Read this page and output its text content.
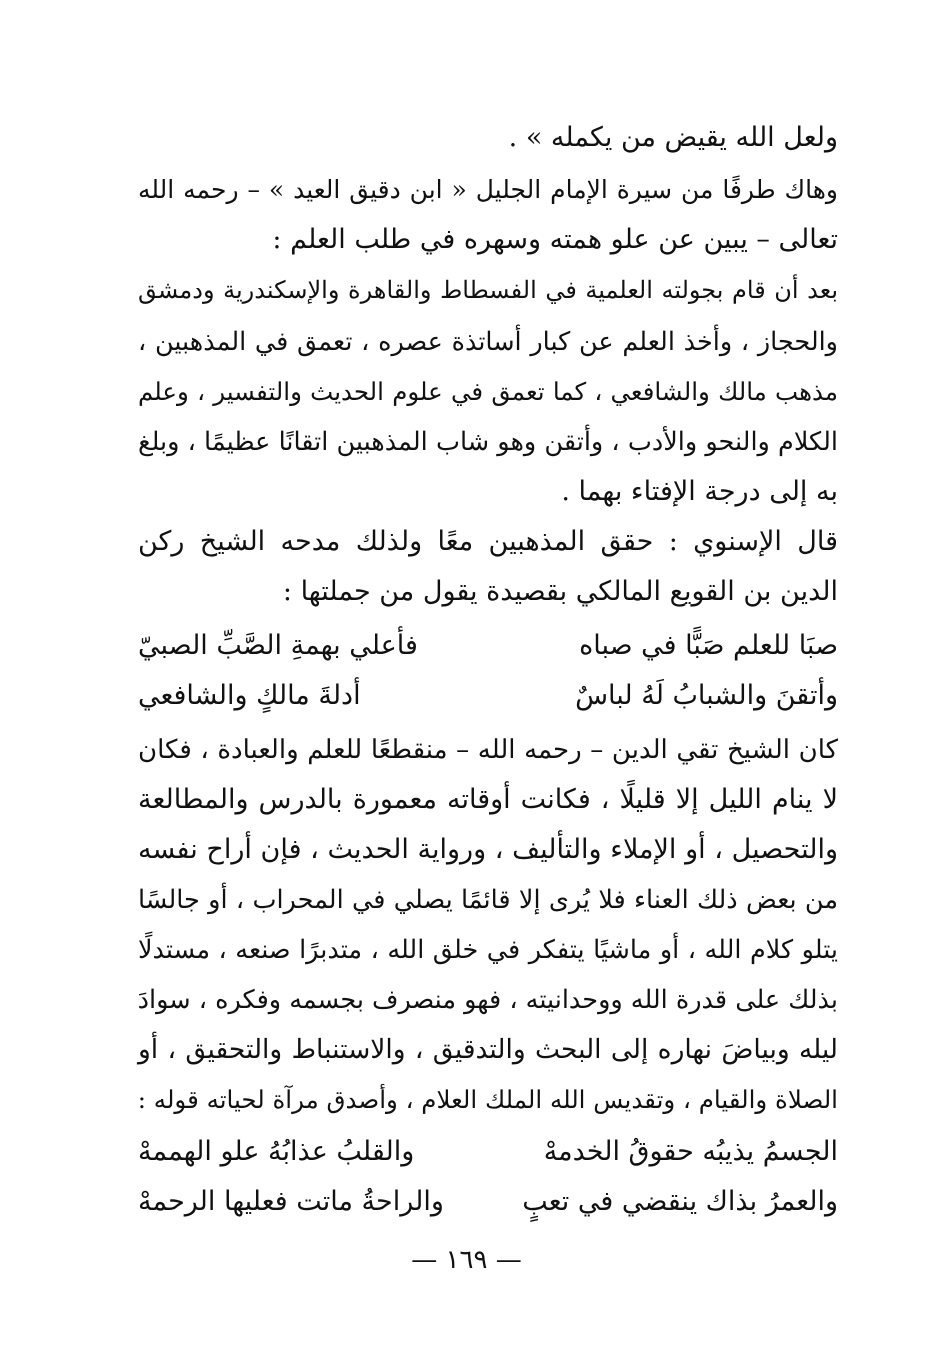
ولعل الله يقيض من يكمله » .
وهاك طرفًا من سيرة الإمام الجليل « ابن دقيق العيد » – رحمه الله
تعالى – يبين عن علو همته وسهره في طلب العلم :
بعد أن قام بجولته العلمية في الفسطاط والقاهرة والإسكندرية ودمشق
والحجاز ، وأخذ العلم عن كبار أساتذة عصره ، تعمق في المذهبين ،
مذهب مالك والشافعي ، كما تعمق في علوم الحديث والتفسير ، وعلم
الكلام والنحو والأدب ، وأتقن وهو شاب المذهبين اتقانًا عظيمًا ، وبلغ
به إلى درجة الإفتاء بهما .
قال الإسنوي : حقق المذهبين معًا ولذلك مدحه الشيخ ركن
الدين بن القويع المالكي بقصيدة يقول من جملتها :
صبَا للعلم صَبًّا في صباه
فأعلي بهمةِ الصَّبِّ الصبيّ
وأتقنَ والشبابُ لَهُ لباسٌ
أدلةَ مالكٍ والشافعي
كان الشيخ تقي الدين – رحمه الله – منقطعًا للعلم والعبادة ، فكان
لا ينام الليل إلا قليلًا ، فكانت أوقاته معمورة بالدرس والمطالعة
والتحصيل ، أو الإملاء والتأليف ، ورواية الحديث ، فإن أراح نفسه
من بعض ذلك العناء فلا يُرى إلا قائمًا يصلي في المحراب ، أو جالسًا
يتلو كلام الله ، أو ماشيًا يتفكر في خلق الله ، متدبرًا صنعه ، مستدلًا
بذلك على قدرة الله ووحدانيته ، فهو منصرف بجسمه وفكره ، سوادَ
ليله وبياضَ نهاره إلى البحث والتدقيق ، والاستنباط والتحقيق ، أو
الصلاة والقيام ، وتقديس الله الملك العلام ، وأصدق مرآة لحياته قوله :
الجسمُ يذيبُه حقوقُ الخدمهْ
والقلبُ عذابُهُ علو الهممهْ
والعمرُ بذاك ينقضي في تعبٍ
والراحةُ ماتت فعليها الرحمهْ
— ١٦٩ —
